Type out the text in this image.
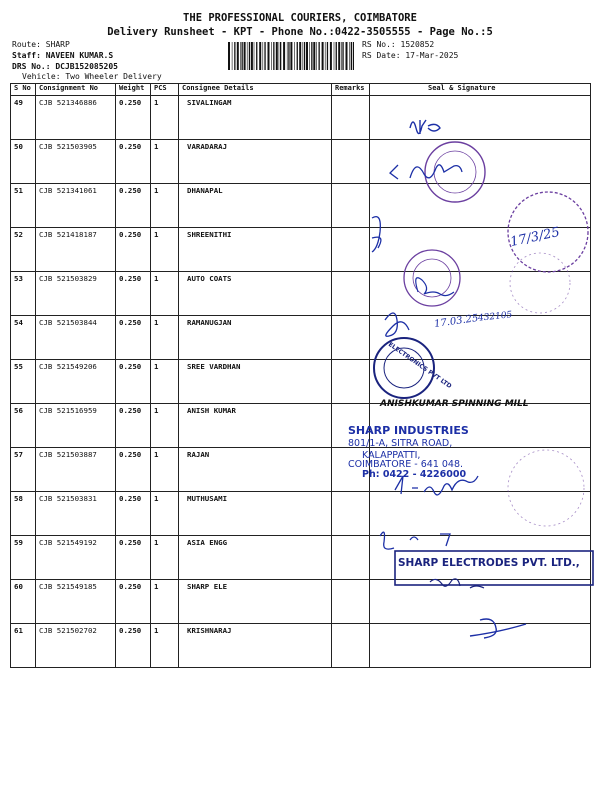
THE PROFESSIONAL COURIERS, COIMBATORE
Delivery Runsheet - KPT - Phone No.:0422-3505555 - Page No.:5
Route: SHARP
Staff: NAVEEN KUMAR.S
DRS No.: DCJB152085205
Vehicle: Two Wheeler Delivery
RS No.: 1520852
RS Date: 17-Mar-2025
S No	Consignment No	Weight	PCS	Consignee Details	Remarks	Seal & Signature
49	CJB 521346886	0.250	1	SIVALINGAM		
50	CJB 521503905	0.250	1	VARADARAJ		
51	CJB 521341061	0.250	1	DHANAPAL		
52	CJB 521418187	0.250	1	SHREENITHI		
53	CJB 521503829	0.250	1	AUTO COATS		
54	CJB 521503844	0.250	1	RAMANUGJAN		
55	CJB 521549206	0.250	1	SREE VARDHAN		
56	CJB 521516959	0.250	1	ANISH KUMAR		
57	CJB 521503887	0.250	1	RAJAN		
58	CJB 521503831	0.250	1	MUTHUSAMI		
59	CJB 521549192	0.250	1	ASIA ENGG		
60	CJB 521549185	0.250	1	SHARP ELE		
61	CJB 521502702	0.250	1	KRISHNARAJ		
ANISHKUMAR SPINNING MILL
SHARP INDUSTRIES
801/1-A, SITRA ROAD,
KALAPPATTI,
COIMBATORE - 641 048.
Ph: 0422 - 4226000
SHARP ELECTRODES PVT. LTD.,
ELECTRONICS PVT LTD
17/3/25
17.03.25
432105
